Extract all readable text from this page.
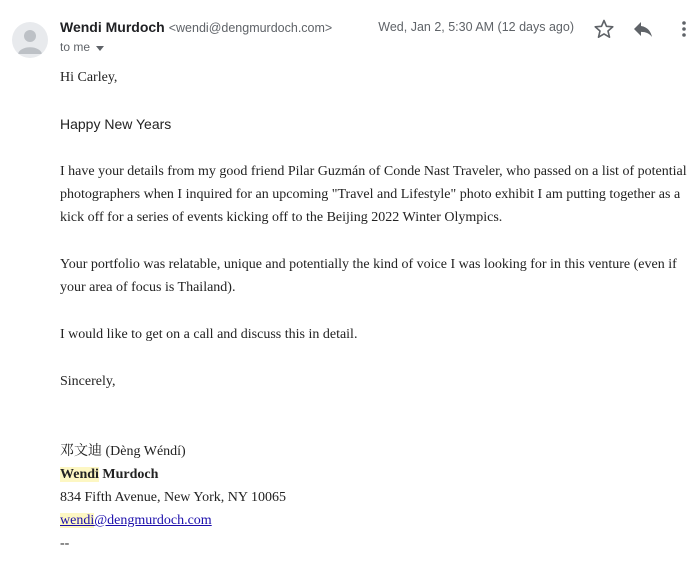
Wendi Murdoch <wendi@dengmurdoch.com>
to me
Wed, Jan 2, 5:30 AM (12 days ago)

Hi Carley,

Happy New Years

I have your details from my good friend Pilar Guzmán of Conde Nast Traveler, who passed on a list of potential photographers when I inquired for an upcoming "Travel and Lifestyle" photo exhibit I am putting together as a kick off for a series of events kicking off to the Beijing 2022 Winter Olympics.

Your portfolio was relatable, unique and potentially the kind of voice I was looking for in this venture (even if your area of focus is Thailand).

I would like to get on a call and discuss this in detail.

Sincerely,

邓文迪 (Dèng Wéndí)

Wendi Murdoch

834 Fifth Avenue, New York, NY 10065

wendi@dengmurdoch.com

--
